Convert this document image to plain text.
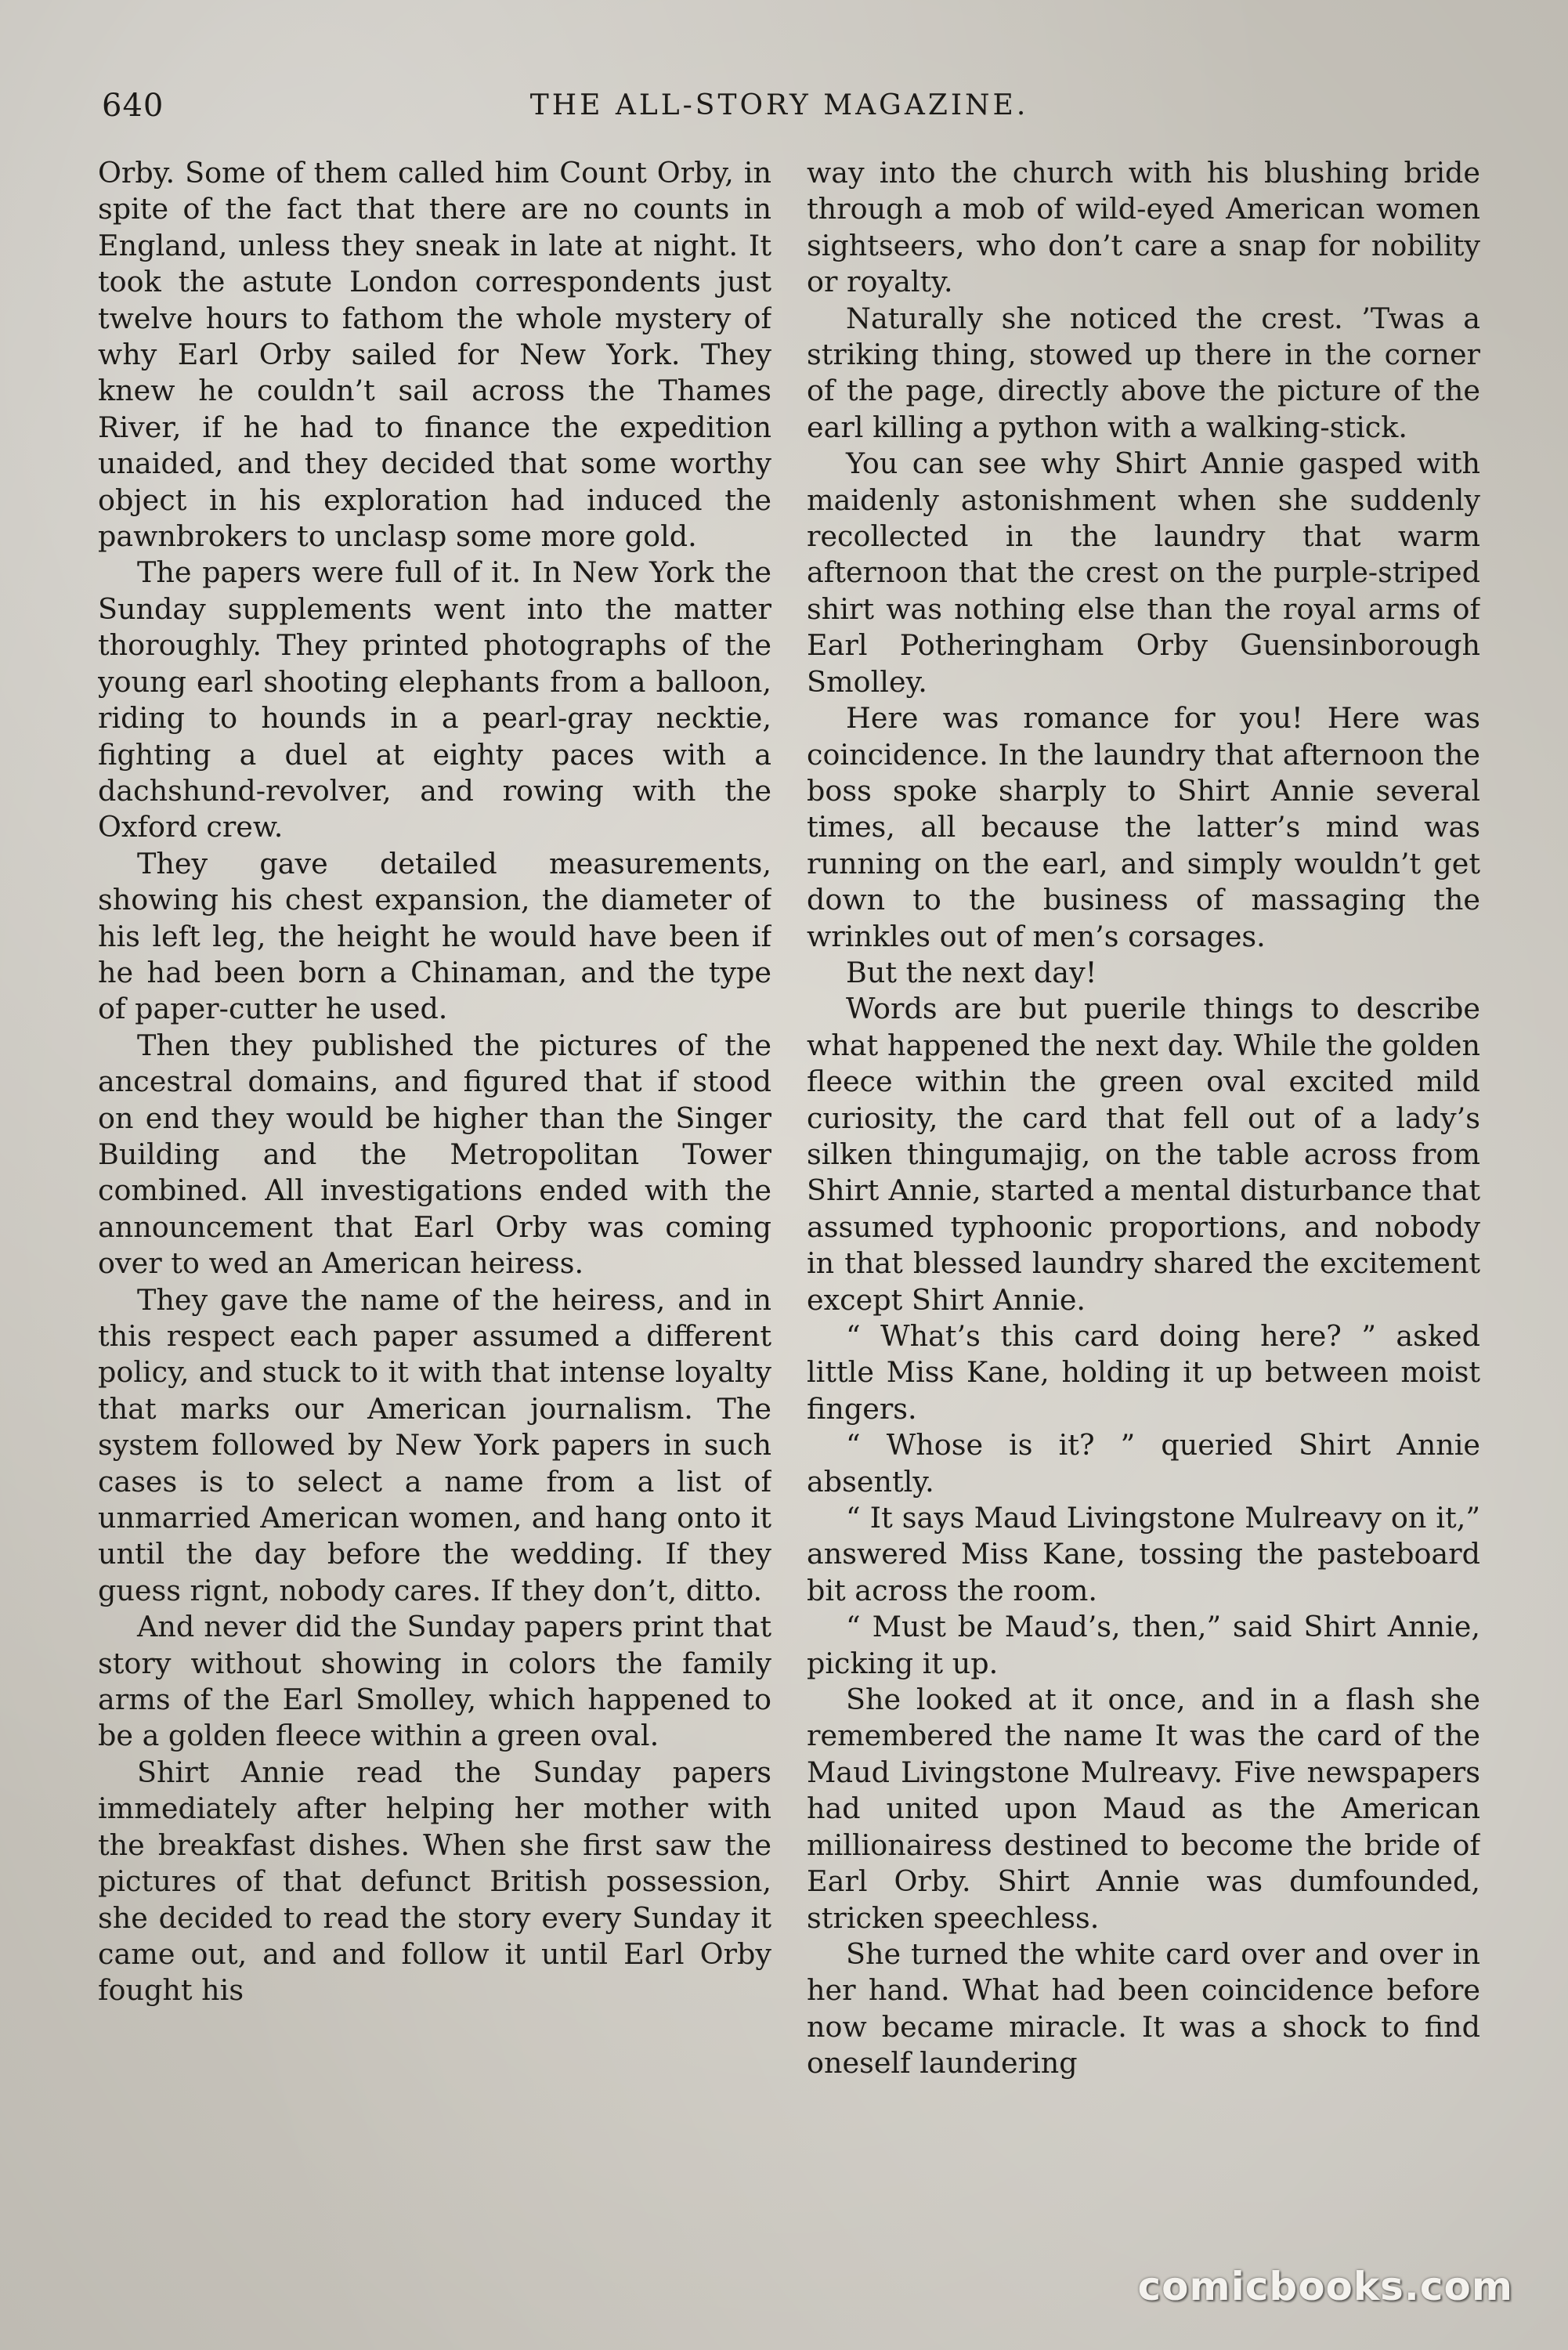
640	THE ALL-STORY MAGAZINE.

Orby. Some of them called him Count Orby, in spite of the fact that there are no counts in England, unless they sneak in late at night. It took the astute London correspondents just twelve hours to fathom the whole mystery of why Earl Orby sailed for New York. They knew he couldn’t sail across the Thames River, if he had to finance the expedition unaided, and they decided that some worthy object in his exploration had induced the pawnbrokers to unclasp some more gold.

The papers were full of it. In New York the Sunday supplements went into the matter thoroughly. They printed photographs of the young earl shooting elephants from a balloon, riding to hounds in a pearl-gray necktie, fighting a duel at eighty paces with a dachshund-revolver, and rowing with the Oxford crew.

They gave detailed measurements, showing his chest expansion, the diameter of his left leg, the height he would have been if he had been born a Chinaman, and the type of paper-cutter he used.

Then they published the pictures of the ancestral domains, and figured that if stood on end they would be higher than the Singer Building and the Metropolitan Tower combined. All investigations ended with the announcement that Earl Orby was coming over to wed an American heiress.

They gave the name of the heiress, and in this respect each paper assumed a different policy, and stuck to it with that intense loyalty that marks our American journalism. The system followed by New York papers in such cases is to select a name from a list of unmarried American women, and hang onto it until the day before the wedding. If they guess rignt, nobody cares. If they don’t, ditto.

And never did the Sunday papers print that story without showing in colors the family arms of the Earl Smolley, which happened to be a golden fleece within a green oval.

Shirt Annie read the Sunday papers immediately after helping her mother with the breakfast dishes. When she first saw the pictures of that defunct British possession, she decided to read the story every Sunday it came out, and and follow it until Earl Orby fought his

way into the church with his blushing bride through a mob of wild-eyed American women sightseers, who don’t care a snap for nobility or royalty.

Naturally she noticed the crest. ’Twas a striking thing, stowed up there in the corner of the page, directly above the picture of the earl killing a python with a walking-stick.

You can see why Shirt Annie gasped with maidenly astonishment when she suddenly recollected in the laundry that warm afternoon that the crest on the purple-striped shirt was nothing else than the royal arms of Earl Potheringham Orby Guensinborough Smolley.

Here was romance for you! Here was coincidence. In the laundry that afternoon the boss spoke sharply to Shirt Annie several times, all because the latter’s mind was running on the earl, and simply wouldn’t get down to the business of massaging the wrinkles out of men’s corsages.

But the next day!

Words are but puerile things to describe what happened the next day. While the golden fleece within the green oval excited mild curiosity, the card that fell out of a lady’s silken thingumajig, on the table across from Shirt Annie, started a mental disturbance that assumed typhoonic proportions, and nobody in that blessed laundry shared the excitement except Shirt Annie.

“ What’s this card doing here? ” asked little Miss Kane, holding it up between moist fingers.

“ Whose is it? ” queried Shirt Annie absently.

“ It says Maud Livingstone Mulreavy on it,” answered Miss Kane, tossing the pasteboard bit across the room.

“ Must be Maud’s, then,” said Shirt Annie, picking it up.

She looked at it once, and in a flash she remembered the name It was the card of the Maud Livingstone Mulreavy. Five newspapers had united upon Maud as the American millionairess destined to become the bride of Earl Orby. Shirt Annie was dumfounded, stricken speechless.

She turned the white card over and over in her hand. What had been coincidence before now became miracle. It was a shock to find oneself laundering

comicbooks.com
